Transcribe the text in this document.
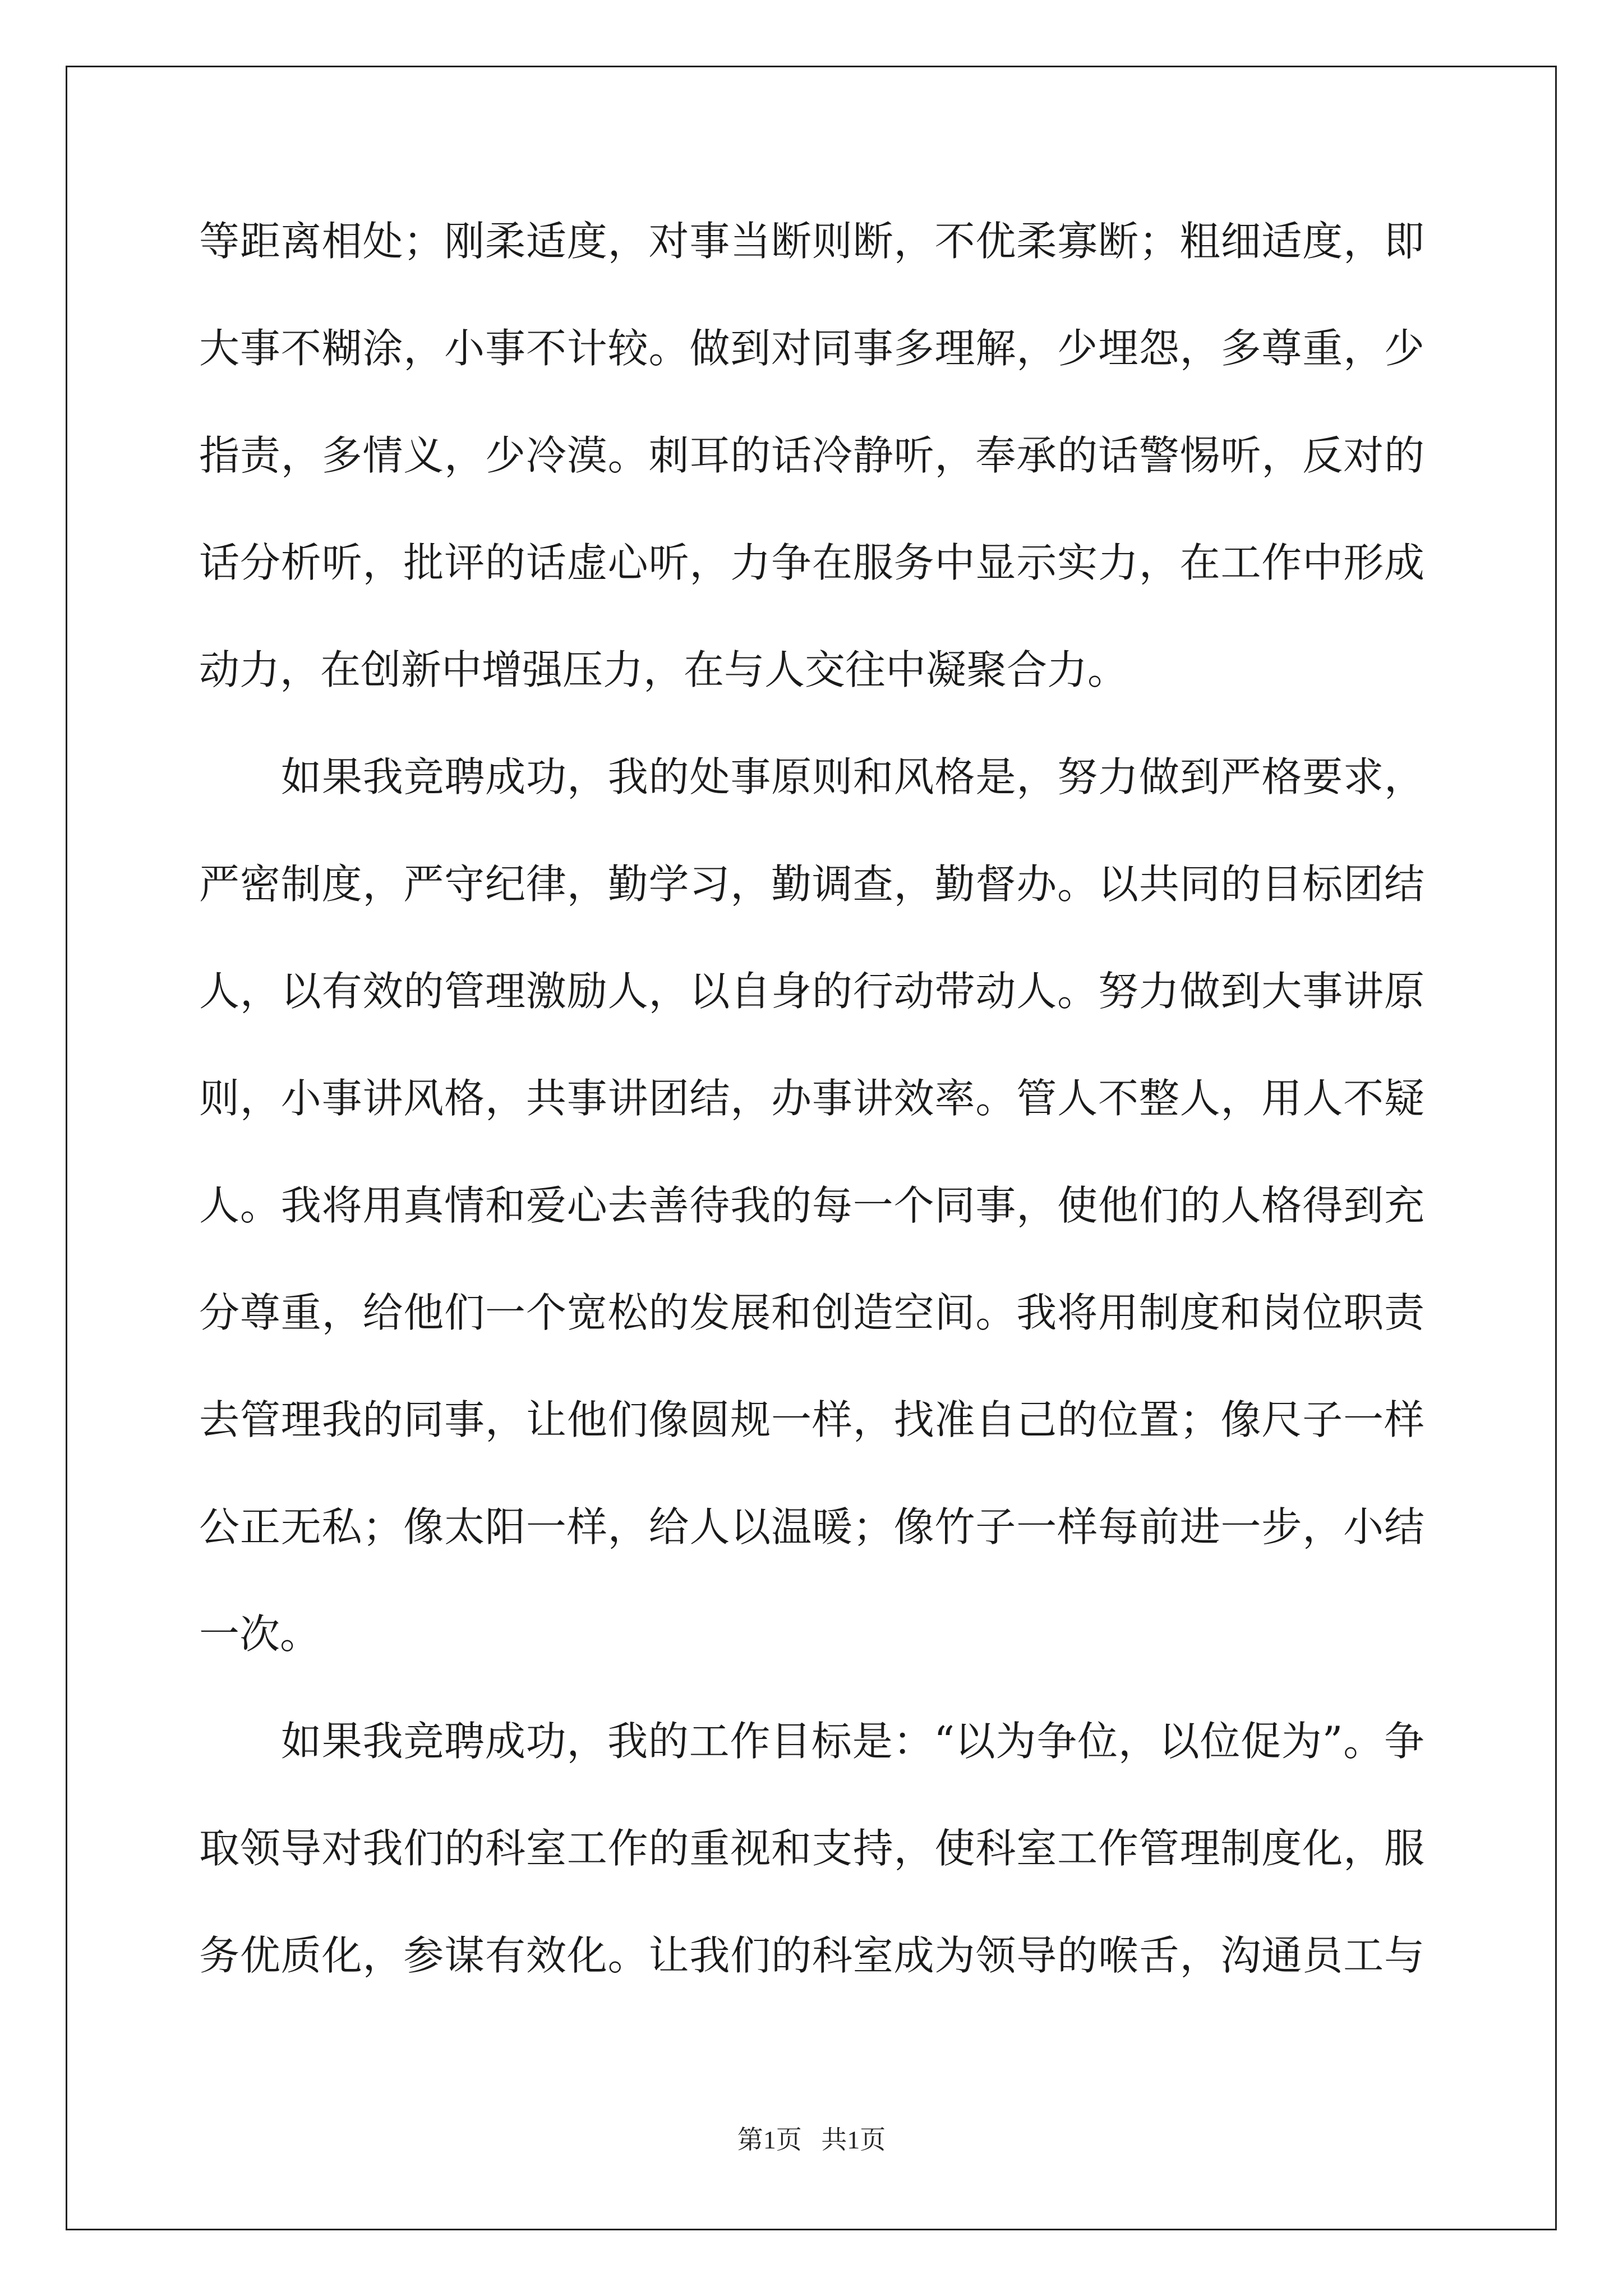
等距离相处；刚柔适度，对事当断则断，不优柔寡断；粗细适度，即
大事不糊涂，小事不计较。做到对同事多理解，少埋怨，多尊重，少
指责，多情义，少冷漠。刺耳的话冷静听，奉承的话警惕听，反对的
话分析听，批评的话虚心听，力争在服务中显示实力，在工作中形成
动力，在创新中增强压力，在与人交往中凝聚合力。
如果我竞聘成功，我的处事原则和风格是，努力做到严格要求，
严密制度，严守纪律，勤学习，勤调查，勤督办。以共同的目标团结
人，以有效的管理激励人，以自身的行动带动人。努力做到大事讲原
则，小事讲风格，共事讲团结，办事讲效率。管人不整人，用人不疑
人。我将用真情和爱心去善待我的每一个同事，使他们的人格得到充
分尊重，给他们一个宽松的发展和创造空间。我将用制度和岗位职责
去管理我的同事，让他们像圆规一样，找准自己的位置；像尺子一样
公正无私；像太阳一样，给人以温暖；像竹子一样每前进一步，小结
一次。
如果我竞聘成功，我的工作目标是：“以为争位，以位促为”。争
取领导对我们的科室工作的重视和支持，使科室工作管理制度化，服
务优质化，参谋有效化。让我们的科室成为领导的喉舌，沟通员工与
第1页   共1页
